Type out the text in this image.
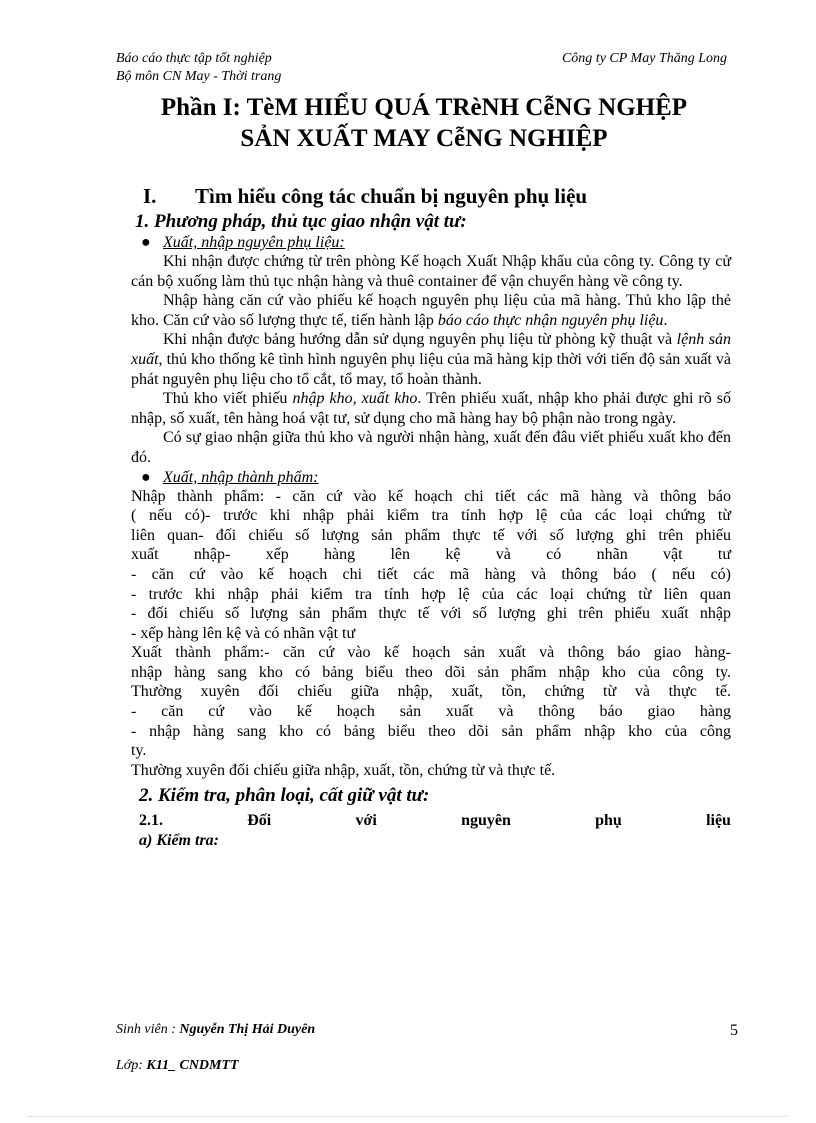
Báo cáo thực tập tốt nghiệp
Bộ môn CN May - Thời trang
Công ty CP May Thăng Long
Phần I: TèM HIỂU QUÁ TRèNH CễNG NGHỆP
SẢN XUẤT MAY CễNG NGHIỆP
I.	Tìm hiểu công tác chuẩn bị nguyên phụ liệu
1. Phương pháp, thủ tục giao nhận vật tư:
● Xuất, nhập nguyên phụ liệu:

Khi nhận được chứng từ trên phòng Kế hoạch Xuất Nhập khẩu của công ty. Công ty cử cán bộ xuống làm thủ tục nhận hàng và thuê container để vận chuyển hàng về công ty.

Nhập hàng căn cứ vào phiếu kế hoạch nguyên phụ liệu của mã hàng. Thủ kho lập thẻ kho. Căn cứ vào số lượng thực tế, tiến hành lập báo cáo thực nhận nguyên phụ liệu.

Khi nhận được bảng hướng dẫn sử dụng nguyên phụ liệu từ phòng kỹ thuật và lệnh sản xuất, thủ kho thống kê tình hình nguyên phụ liệu của mã hàng kịp thời với tiến độ sản xuất và phát nguyên phụ liệu cho tổ cắt, tổ may, tổ hoàn thành.

Thủ kho viết phiếu nhập kho, xuất kho. Trên phiếu xuất, nhập kho phải được ghi rõ số nhập, số xuất, tên hàng hoá vật tư, sử dụng cho mã hàng hay bộ phận nào trong ngày.

Có sự giao nhận giữa thủ kho và người nhận hàng, xuất đến đâu viết phiếu xuất kho đến đó.

● Xuất, nhập thành phẩm:

Nhập thành phẩm: - căn cứ vào kế hoạch chi tiết các mã hàng và thông báo

( nếu có)- trước khi nhập phải kiểm tra tính hợp lệ của các loại chứng từ

liên quan- đối chiếu số lượng sản phẩm thực tế với số lượng ghi trên phiếu

xuất nhập- xếp hàng lên kệ và có nhãn vật tư

- căn cứ vào kế hoạch chi tiết các mã hàng và thông báo ( nếu có)

- trước khi nhập phải kiểm tra tính hợp lệ của các loại chứng từ liên quan

- đối chiếu số lượng sản phẩm thực tế với số lượng ghi trên phiếu xuất nhập

- xếp hàng lên kệ và có nhãn vật tư

Xuất thành phẩm:- căn cứ vào kế hoạch sản xuất và thông báo giao hàng-

nhập hàng sang kho có bảng biểu theo dõi sản phẩm nhập kho của công ty.

Thường xuyên đối chiếu giữa nhập, xuất, tồn, chứng từ và thực tế.

- căn cứ vào kế hoạch sản xuất và thông báo giao hàng

- nhập hàng sang kho có bảng biểu theo dõi sản phẩm nhập kho của công

ty.

Thường xuyên đối chiếu giữa nhập, xuất, tồn, chứng từ và thực tế.

2. Kiểm tra, phân loại, cất giữ vật tư:
2.1.	Đối	với	nguyên	phụ	liệu
a) Kiểm tra:
Sinh viên : Nguyễn Thị Hải Duyên	5
Lớp: K11_ CNDMTT
